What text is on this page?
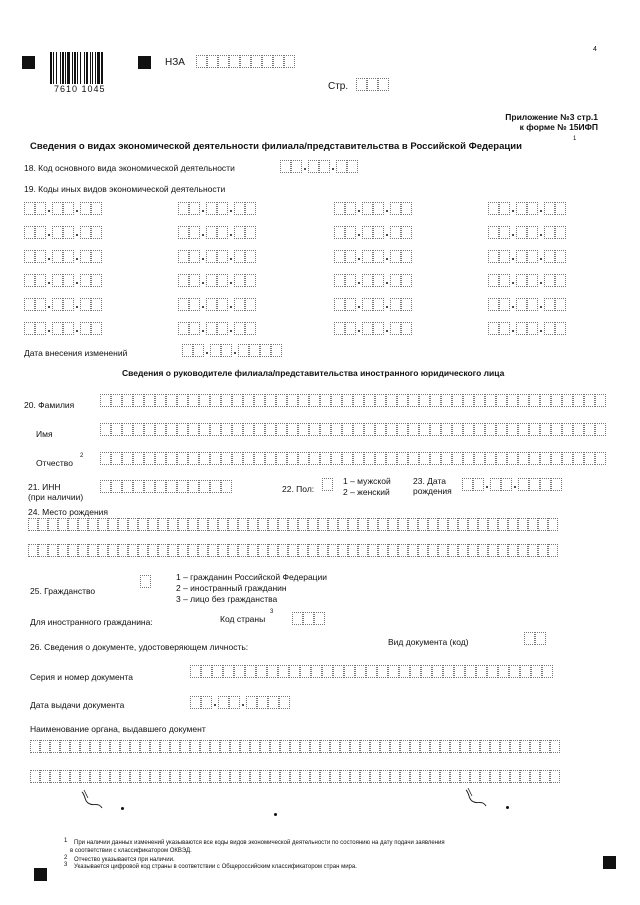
4
7610 1045
НЗА
Стр.
Приложение №3 стр.1
к форме № 15ИФП
Сведения о видах экономической деятельности филиала/представительства в Российской Федерации
1
18. Код основного вида экономической деятельности
19. Коды иных видов экономической деятельности
Дата внесения изменений
Сведения о руководителе филиала/представительства иностранного юридического лица
20. Фамилия
Имя
Отчество
2
21. ИНН
(при наличии)
22. Пол:
1 – мужской
2 – женский
23. Дата
рождения
24. Место рождения
25. Гражданство
1 – гражданин Российской Федерации
2 – иностранный гражданин
3 – лицо без гражданства
Для иностранного гражданина:	Код страны
3
26. Сведения о документе, удостоверяющем личность:	Вид документа (код)
Серия и номер документа
Дата выдачи документа
Наименование органа, выдавшего документ
1 При наличии данных изменений указываются все коды видов экономической деятельности по состоянию на дату подачи заявления
в соответствии с классификатором ОКВЭД.
2 Отчество указывается при наличии.
3 Указывается цифровой код страны в соответствии с Общероссийским классификатором стран мира.
